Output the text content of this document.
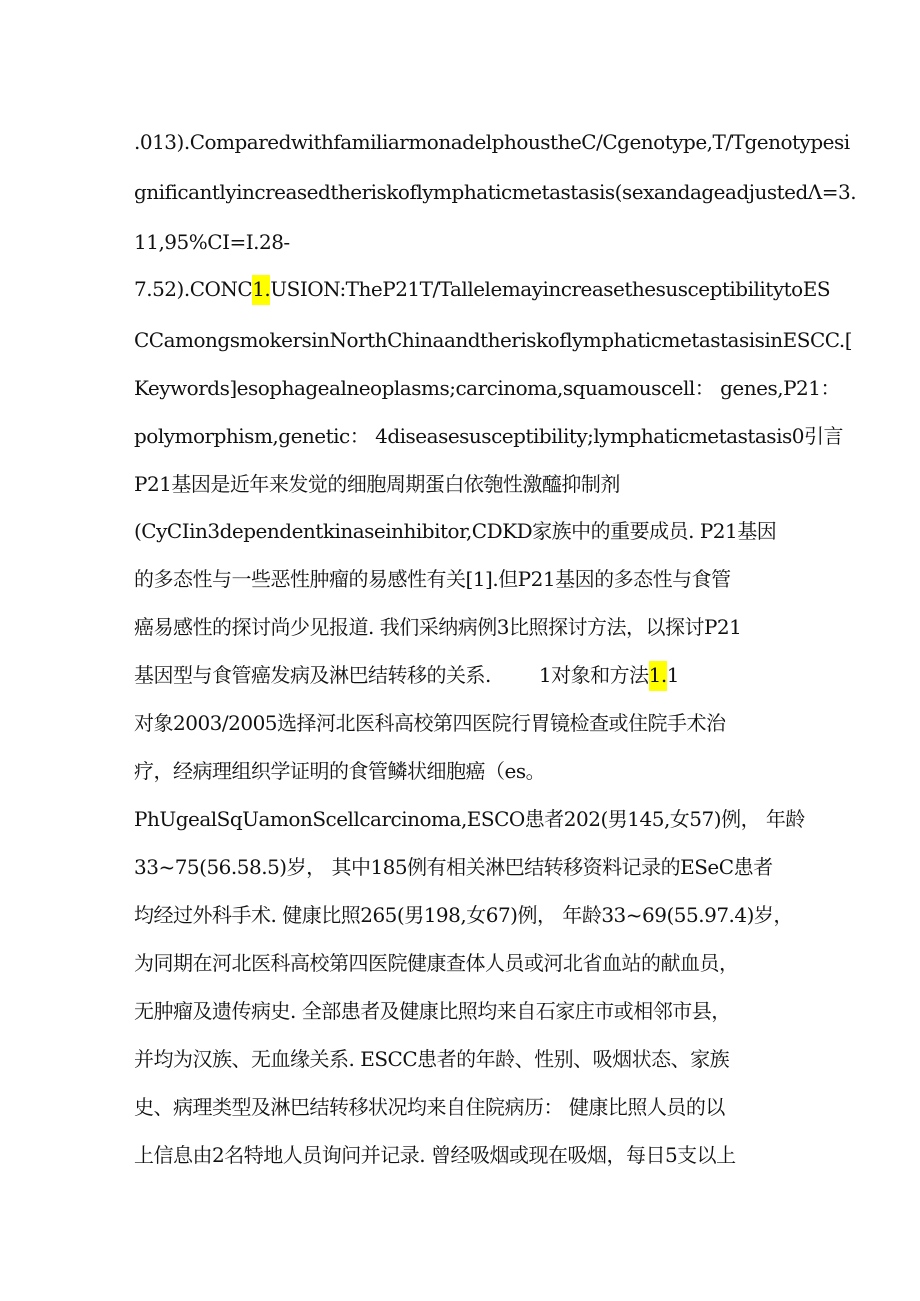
.013).ComparedwithfamiliarmonadelphoustheC/Cgenotype,T/Tgenotypesi
gnificantlyincreasedtheriskoflymphaticmetastasis(sexandageadjustedΛ=3.
11,95%CI=I.28-
7.52).CONC1.USION:TheP21T/TallelemayincreasethesusceptibilitytoES
CCamongsmokersinNorthChinaandtheriskoflymphaticmetastasisinESCC.[
Keywords]esophagealneoplasms;carcinoma,squamouscell： genes,P21：
polymorphism,genetic： 4diseasesusceptibility;lymphaticmetastasis0引言
P21基因是近年来发觉的细胞周期蛋白依匏性激醯抑制剂
(CyCIin3dependentkinaseinhibitor,CDKD家族中的重要成员. P21基因
的多态性与一些恶性肿瘤的易感性有关[1].但P21基因的多态性与食管
癌易感性的探讨尚少见报道. 我们采纳病例3比照探讨方法，以探讨P21
基因型与食管癌发病及淋巴结转移的关系. 1对象和方法1.1
对象2003/2005选择河北医科高校第四医院行胃镜检查或住院手术治
疗，经病理组织学证明的食管鳞状细胞癌（es。
PhUgealSqUamonScellcarcinoma,ESCO患者202(男145,女57)例， 年龄
33~75(56.58.5)岁， 其中185例有相关淋巴结转移资料记录的ESeC患者
均经过外科手术. 健康比照265(男198,女67)例， 年龄33~69(55.97.4)岁，
为同期在河北医科高校第四医院健康查体人员或河北省血站的献血员，
无肿瘤及遗传病史. 全部患者及健康比照均来自石家庄市或相邻市县，
并均为汉族、无血缘关系. ESCC患者的年龄、性别、吸烟状态、家族
史、病理类型及淋巴结转移状况均来自住院病历： 健康比照人员的以
上信息由2名特地人员询问并记录. 曾经吸烟或现在吸烟，每日5支以上
